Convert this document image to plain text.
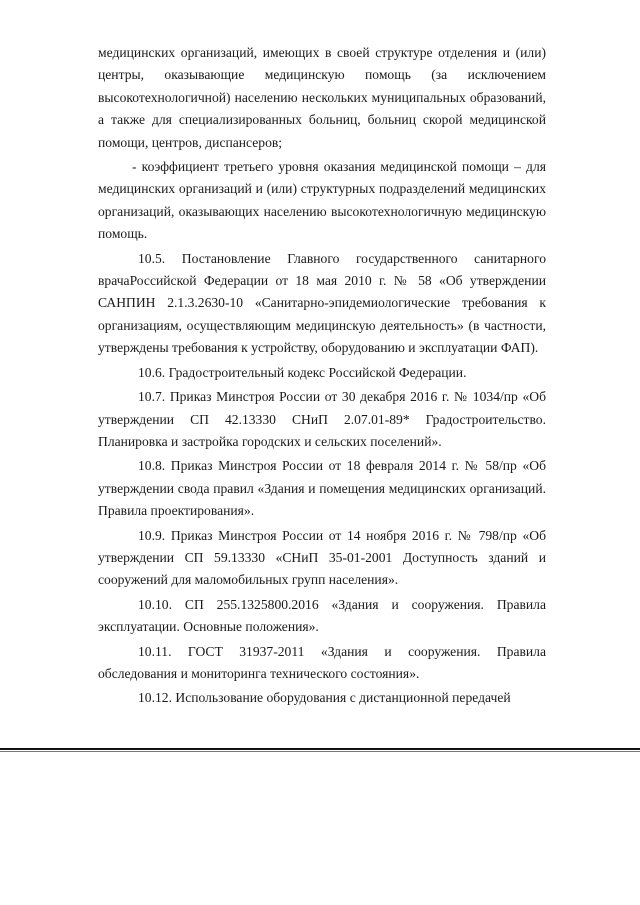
медицинских организаций, имеющих в своей структуре отделения и (или) центры, оказывающие медицинскую помощь (за исключением высокотехнологичной) населению нескольких муниципальных образований, а также для специализированных больниц, больниц скорой медицинской помощи, центров, диспансеров;

- коэффициент третьего уровня оказания медицинской помощи – для медицинских организаций и (или) структурных подразделений медицинских организаций, оказывающих населению высокотехнологичную медицинскую помощь.

10.5. Постановление Главного государственного санитарного врачаРоссийской Федерации от 18 мая 2010 г. № 58 «Об утверждении САНПИН 2.1.3.2630-10 «Санитарно-эпидемиологические требования к организациям, осуществляющим медицинскую деятельность» (в частности, утверждены требования к устройству, оборудованию и эксплуатации ФАП).

10.6. Градостроительный кодекс Российской Федерации.

10.7. Приказ Минстроя России от 30 декабря 2016 г. № 1034/пр «Об утверждении СП 42.13330 СНиП 2.07.01-89* Градостроительство. Планировка и застройка городских и сельских поселений».

10.8. Приказ Минстроя России от 18 февраля 2014 г. № 58/пр «Об утверждении свода правил «Здания и помещения медицинских организаций. Правила проектирования».

10.9. Приказ Минстроя России от 14 ноября 2016 г. № 798/пр «Об утверждении СП 59.13330 «СНиП 35-01-2001 Доступность зданий и сооружений для маломобильных групп населения».

10.10. СП 255.1325800.2016 «Здания и сооружения. Правила эксплуатации. Основные положения».

10.11. ГОСТ 31937-2011 «Здания и сооружения. Правила обследования и мониторинга технического состояния».

10.12. Использование оборудования с дистанционной передачей
